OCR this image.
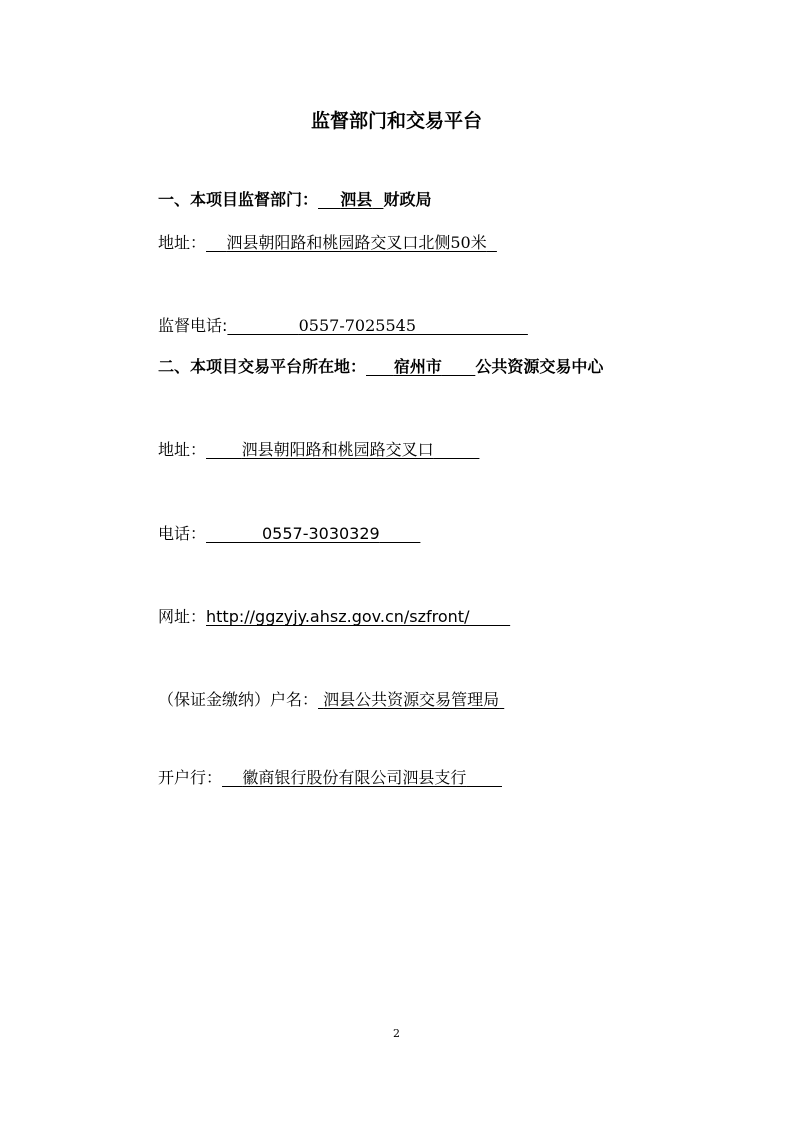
监督部门和交易平台
一、本项目监督部门： 泗县 财政局
地址： 泗县朝阳路和桃园路交叉口北侧50米
监督电话:	0557-7025545
二、本项目交易平台所在地： 宿州市 公共资源交易中心
地址： 泗县朝阳路和桃园路交叉口
电话：	0557-3030329
网址：http://ggzyjy.ahsz.gov.cn/szfront/
（保证金缴纳）户名： 泗县公共资源交易管理局
开户行： 徽商银行股份有限公司泗县支行
2
